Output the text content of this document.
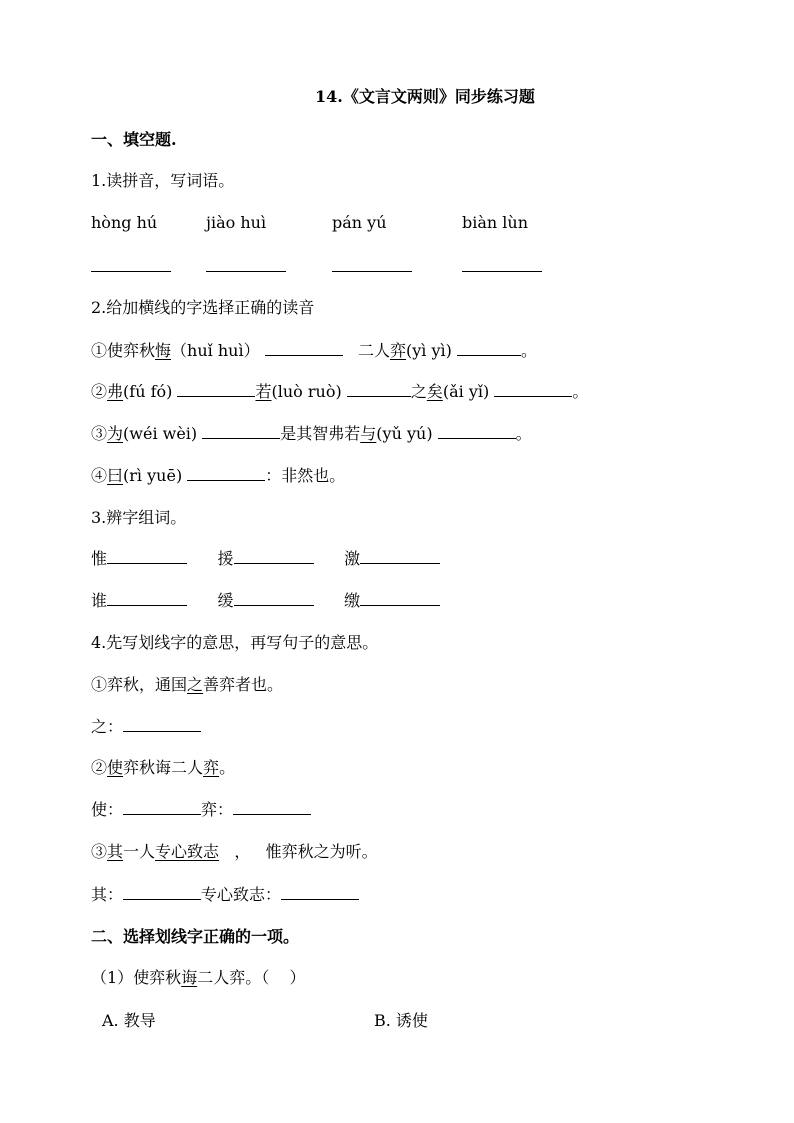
14.《文言文两则》同步练习题
一、填空题.
1.读拼音，写词语。
hòng hú	jiào huì	pán yú	biàn lùn
2.给加横线的字选择正确的读音
①使弈秋悔（huǐ huì）	二人弈(yì yì)	。
②弗(fú fó)	若(luò ruò)	之矣(ǎi yǐ)	。
③为(wéi wèi)	是其智弗若与(yǔ yú)	。
④曰(rì yuē)	：非然也。
3.辨字组词。
惟	援	激
谁	缓	缴
4.先写划线字的意思，再写句子的意思。
①弈秋，通国之善弈者也。
之：
②使弈秋诲二人弈。
使：	弈：
③其一人专心致志   ，   惟弈秋之为听。
其：	专心致志：
二、选择划线字正确的一项。
（1）使弈秋诲二人弈。（    ）
A. 教导	B. 诱使
